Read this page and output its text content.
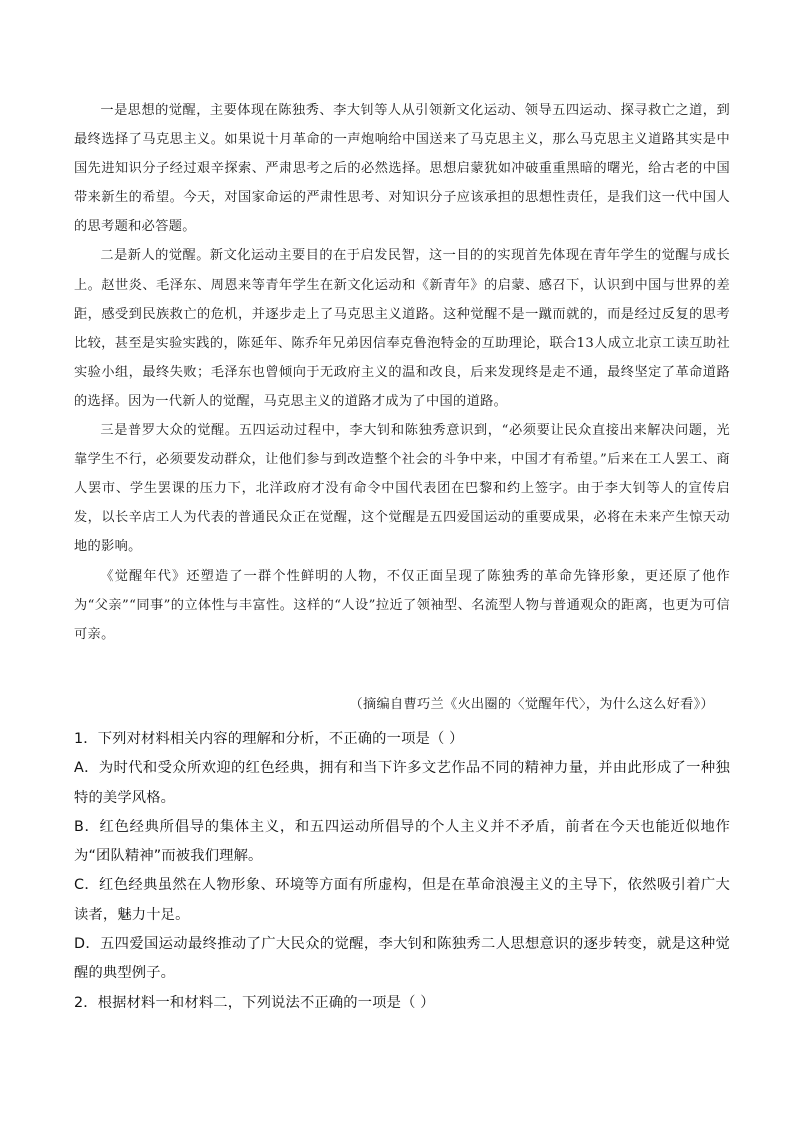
一是思想的觉醒，主要体现在陈独秀、李大钊等人从引领新文化运动、领导五四运动、探寻救亡之道，到最终选择了马克思主义。如果说十月革命的一声炮响给中国送来了马克思主义，那么马克思主义道路其实是中国先进知识分子经过艰辛探索、严肃思考之后的必然选择。思想启蒙犹如冲破重重黑暗的曙光，给古老的中国带来新生的希望。今天，对国家命运的严肃性思考、对知识分子应该承担的思想性责任，是我们这一代中国人的思考题和必答题。

二是新人的觉醒。新文化运动主要目的在于启发民智，这一目的的实现首先体现在青年学生的觉醒与成长上。赵世炎、毛泽东、周恩来等青年学生在新文化运动和《新青年》的启蒙、感召下，认识到中国与世界的差距，感受到民族救亡的危机，并逐步走上了马克思主义道路。这种觉醒不是一蹴而就的，而是经过反复的思考比较，甚至是实验实践的，陈延年、陈乔年兄弟因信奉克鲁泡特金的互助理论，联合13人成立北京工读互助社实验小组，最终失败；毛泽东也曾倾向于无政府主义的温和改良，后来发现终是走不通，最终坚定了革命道路的选择。因为一代新人的觉醒，马克思主义的道路才成为了中国的道路。

三是普罗大众的觉醒。五四运动过程中，李大钊和陈独秀意识到，“必须要让民众直接出来解决问题，光靠学生不行，必须要发动群众，让他们参与到改造整个社会的斗争中来，中国才有希望。”后来在工人罢工、商人罢市、学生罢课的压力下，北洋政府才没有命令中国代表团在巴黎和约上签字。由于李大钊等人的宣传启发，以长辛店工人为代表的普通民众正在觉醒，这个觉醒是五四爱国运动的重要成果，必将在未来产生惊天动地的影响。

《觉醒年代》还塑造了一群个性鲜明的人物，不仅正面呈现了陈独秀的革命先锋形象，更还原了他作为“父亲”“同事”的立体性与丰富性。这样的“人设”拉近了领袖型、名流型人物与普通观众的距离，也更为可信可亲。

（摘编自曹巧兰《火出圈的〈觉醒年代〉，为什么这么好看》）

1．下列对材料相关内容的理解和分析，不正确的一项是（ ）

A．为时代和受众所欢迎的红色经典，拥有和当下许多文艺作品不同的精神力量，并由此形成了一种独特的美学风格。

B．红色经典所倡导的集体主义，和五四运动所倡导的个人主义并不矛盾，前者在今天也能近似地作为“团队精神”而被我们理解。

C．红色经典虽然在人物形象、环境等方面有所虚构，但是在革命浪漫主义的主导下，依然吸引着广大读者，魅力十足。

D．五四爱国运动最终推动了广大民众的觉醒，李大钊和陈独秀二人思想意识的逐步转变，就是这种觉醒的典型例子。

2．根据材料一和材料二，下列说法不正确的一项是（ ）
